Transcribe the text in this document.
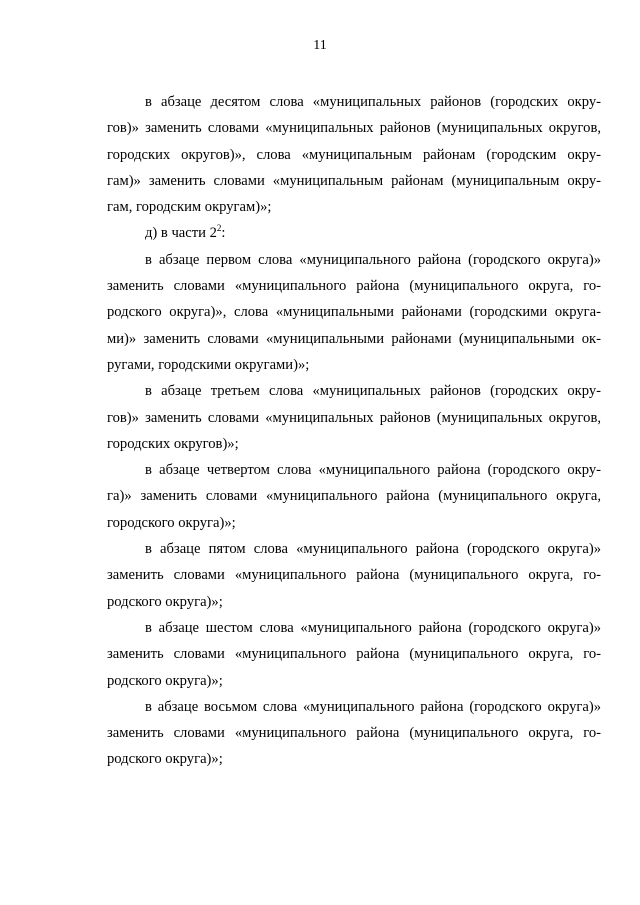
11
в абзаце десятом слова «муниципальных районов (городских окру-
гов)» заменить словами «муниципальных районов (муниципальных округов,
городских округов)», слова «муниципальным районам (городским окру-
гам)» заменить словами «муниципальным районам (муниципальным окру-
гам, городским округам)»;
д) в части $2^2$:
в абзаце первом слова «муниципального района (городского округа)»
заменить словами «муниципального района (муниципального округа, го-
родского округа)», слова «муниципальными районами (городскими округа-
ми)» заменить словами «муниципальными районами (муниципальными ок-
ругами, городскими округами)»;
в абзаце третьем слова «муниципальных районов (городских окру-
гов)» заменить словами «муниципальных районов (муниципальных округов,
городских округов)»;
в абзаце четвертом слова «муниципального района (городского окру-
га)» заменить словами «муниципального района (муниципального округа,
городского округа)»;
в абзаце пятом слова «муниципального района (городского округа)»
заменить словами «муниципального района (муниципального округа, го-
родского округа)»;
в абзаце шестом слова «муниципального района (городского округа)»
заменить словами «муниципального района (муниципального округа, го-
родского округа)»;
в абзаце восьмом слова «муниципального района (городского округа)»
заменить словами «муниципального района (муниципального округа, го-
родского округа)»;
